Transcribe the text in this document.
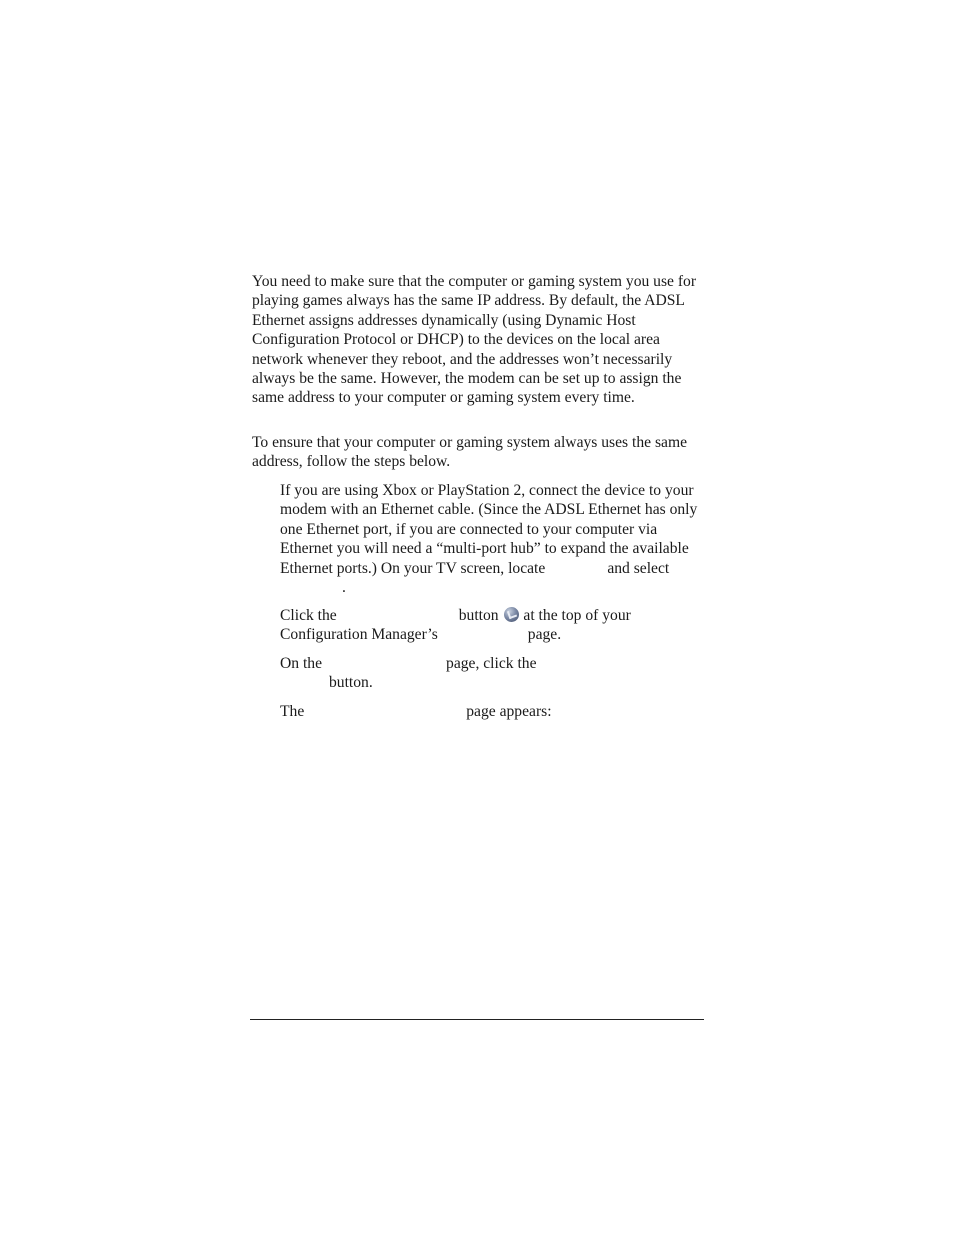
You need to make sure that the computer or gaming system you use for playing games always has the same IP address. By default, the ADSL Ethernet assigns addresses dynamically (using Dynamic Host Configuration Protocol or DHCP) to the devices on the local area network whenever they reboot, and the addresses won’t necessarily always be the same. However, the modem can be set up to assign the same address to your computer or gaming system every time.

To ensure that your computer or gaming system always uses the same address, follow the steps below.

If you are using Xbox or PlayStation 2, connect the device to your modem with an Ethernet cable. (Since the ADSL Ethernet has only one Ethernet port, if you are connected to your computer via Ethernet you will need a “multi-port hub” to expand the available Ethernet ports.) On your TV screen, locate	and select.

Click the	button at the top of your Configuration Manager’s	page.

On the	page, click the
button.

The	page appears:
